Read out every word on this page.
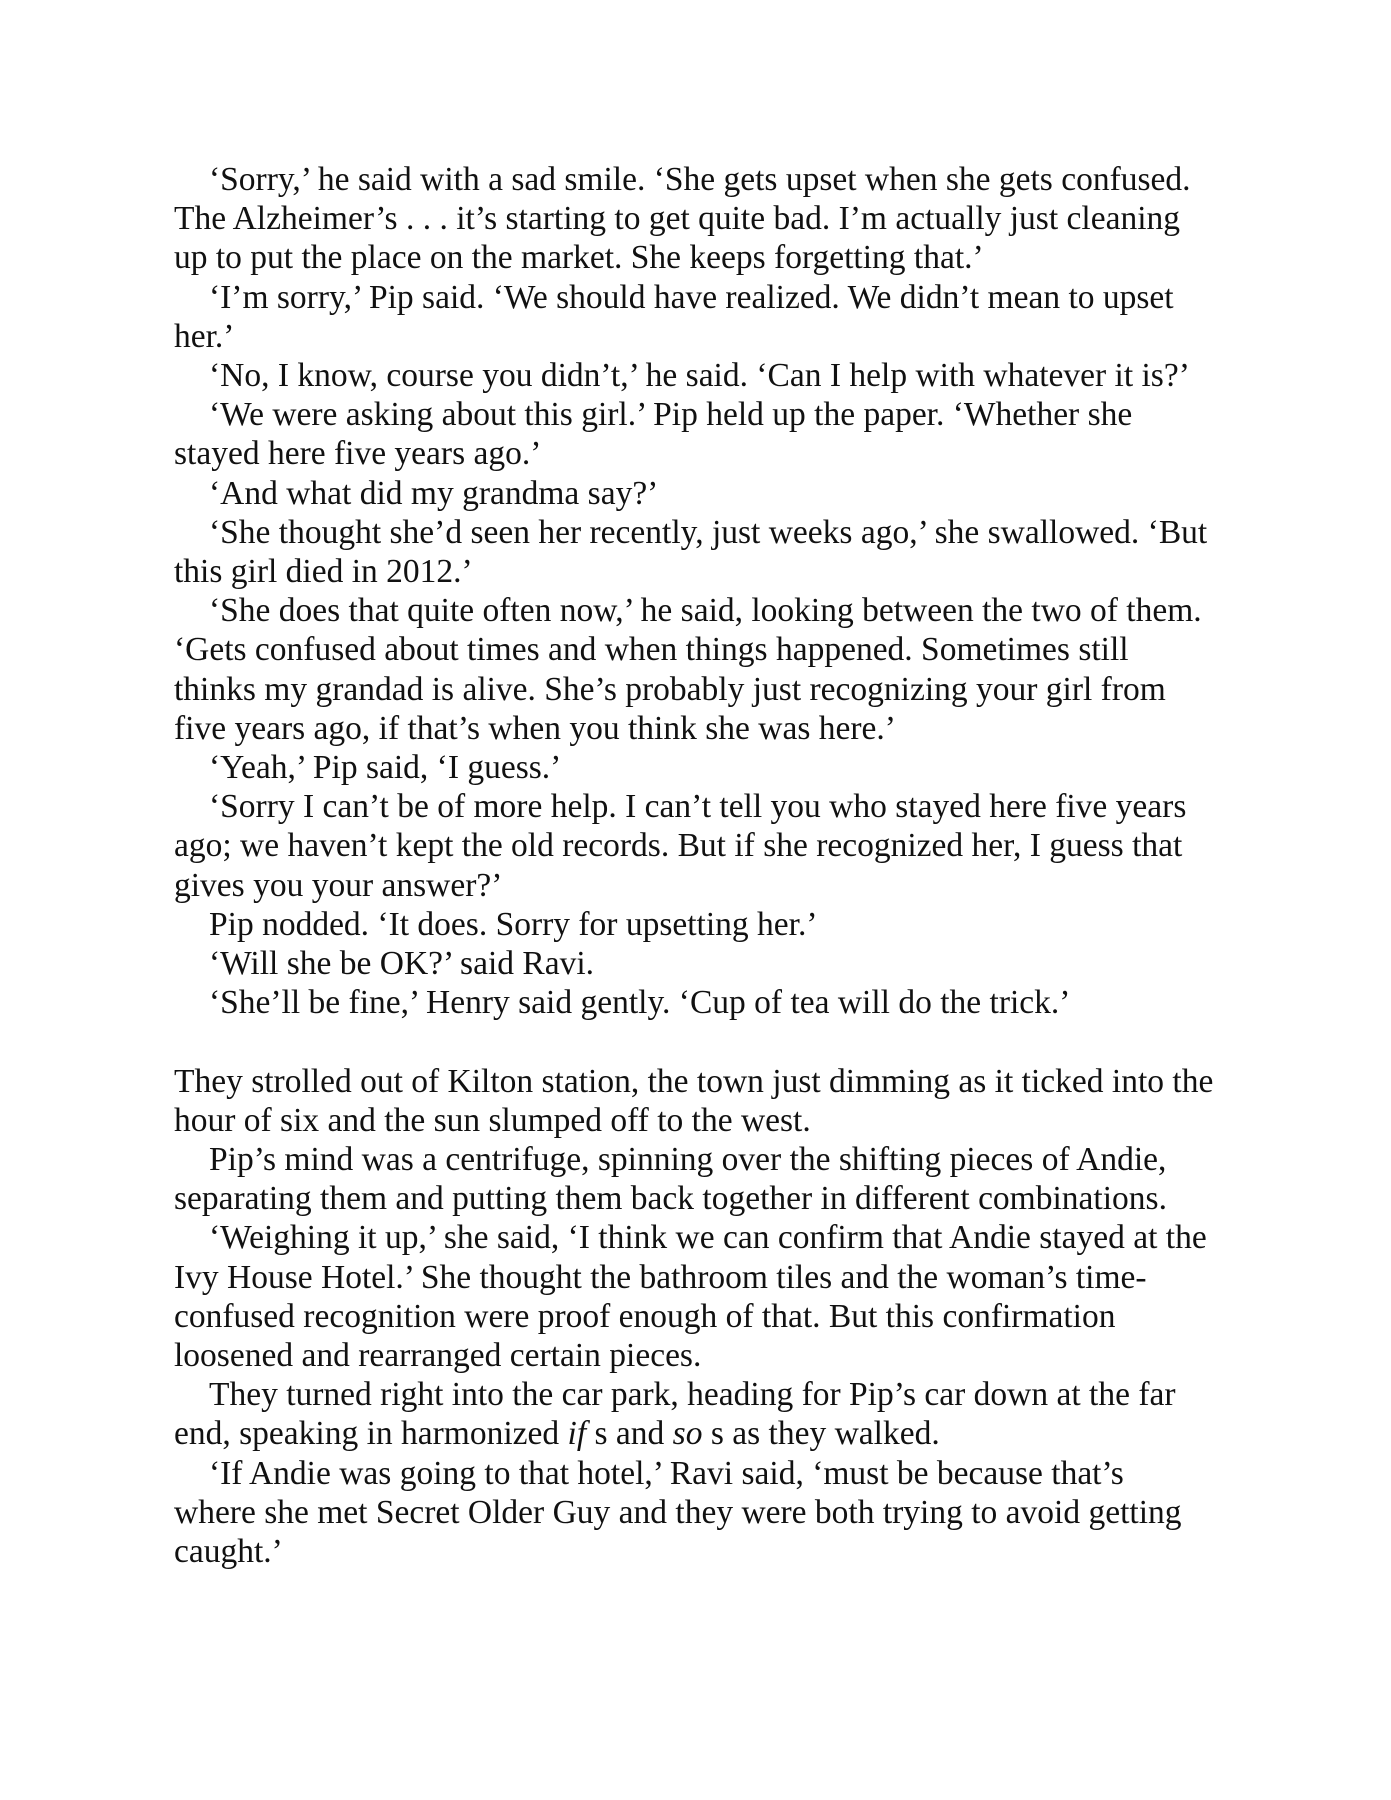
‘Sorry,’ he said with a sad smile. ‘She gets upset when she gets confused. The Alzheimer’s . . . it’s starting to get quite bad. I’m actually just cleaning up to put the place on the market. She keeps forgetting that.’

‘I’m sorry,’ Pip said. ‘We should have realized. We didn’t mean to upset her.’

‘No, I know, course you didn’t,’ he said. ‘Can I help with whatever it is?’

‘We were asking about this girl.’ Pip held up the paper. ‘Whether she stayed here five years ago.’

‘And what did my grandma say?’

‘She thought she’d seen her recently, just weeks ago,’ she swallowed. ‘But this girl died in 2012.’

‘She does that quite often now,’ he said, looking between the two of them. ‘Gets confused about times and when things happened. Sometimes still thinks my grandad is alive. She’s probably just recognizing your girl from five years ago, if that’s when you think she was here.’

‘Yeah,’ Pip said, ‘I guess.’

‘Sorry I can’t be of more help. I can’t tell you who stayed here five years ago; we haven’t kept the old records. But if she recognized her, I guess that gives you your answer?’

Pip nodded. ‘It does. Sorry for upsetting her.’

‘Will she be OK?’ said Ravi.

‘She’ll be fine,’ Henry said gently. ‘Cup of tea will do the trick.’

They strolled out of Kilton station, the town just dimming as it ticked into the hour of six and the sun slumped off to the west.

Pip’s mind was a centrifuge, spinning over the shifting pieces of Andie, separating them and putting them back together in different combinations.

‘Weighing it up,’ she said, ‘I think we can confirm that Andie stayed at the Ivy House Hotel.’ She thought the bathroom tiles and the woman’s time-confused recognition were proof enough of that. But this confirmation loosened and rearranged certain pieces.

They turned right into the car park, heading for Pip’s car down at the far end, speaking in harmonized if s and so s as they walked.

‘If Andie was going to that hotel,’ Ravi said, ‘must be because that’s where she met Secret Older Guy and they were both trying to avoid getting caught.’
